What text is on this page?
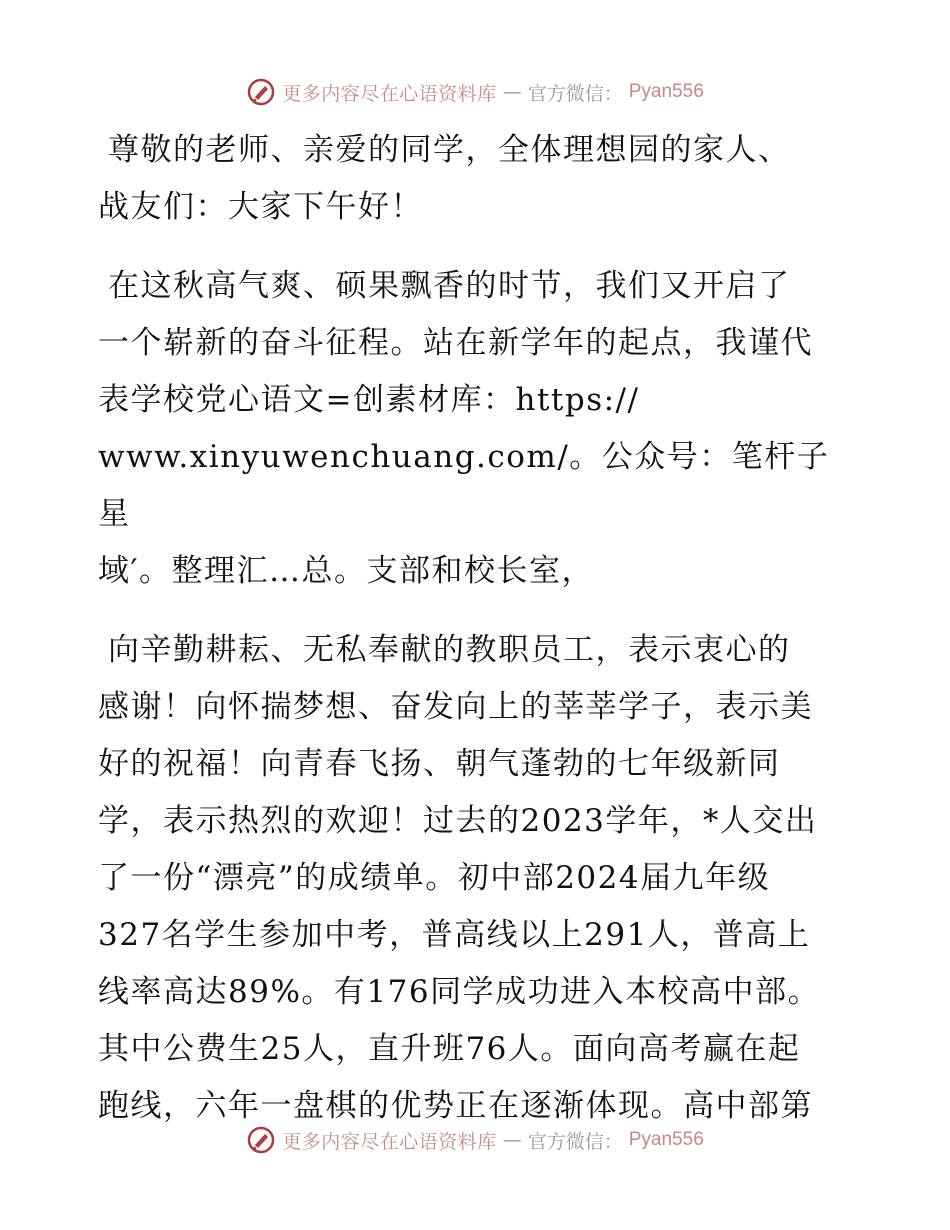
更多内容尽在心语资料库 — 官方微信： Pyan556

尊敬的老师、亲爱的同学，全体理想园的家人、
战友们：大家下午好！

在这秋高气爽、硕果飘香的时节，我们又开启了
一个崭新的奋斗征程。站在新学年的起点，我谨代
表学校党心语文=创素材库：https://
www.xinyuwenchuang.com/。公众号：笔杆子星
域′。整理汇…总。支部和校长室，

向辛勤耕耘、无私奉献的教职员工，表示衷心的
感谢！向怀揣梦想、奋发向上的莘莘学子，表示美
好的祝福！向青春飞扬、朝气蓬勃的七年级新同
学，表示热烈的欢迎！过去的2023学年，*人交出
了一份“漂亮”的成绩单。初中部2024届九年级
327名学生参加中考，普高线以上291人，普高上
线率高达89%。有176同学成功进入本校高中部。
其中公费生25人，直升班76人。面向高考赢在起
跑线，六年一盘棋的优势正在逐渐体现。高中部第

更多内容尽在心语资料库 — 官方微信： Pyan556
